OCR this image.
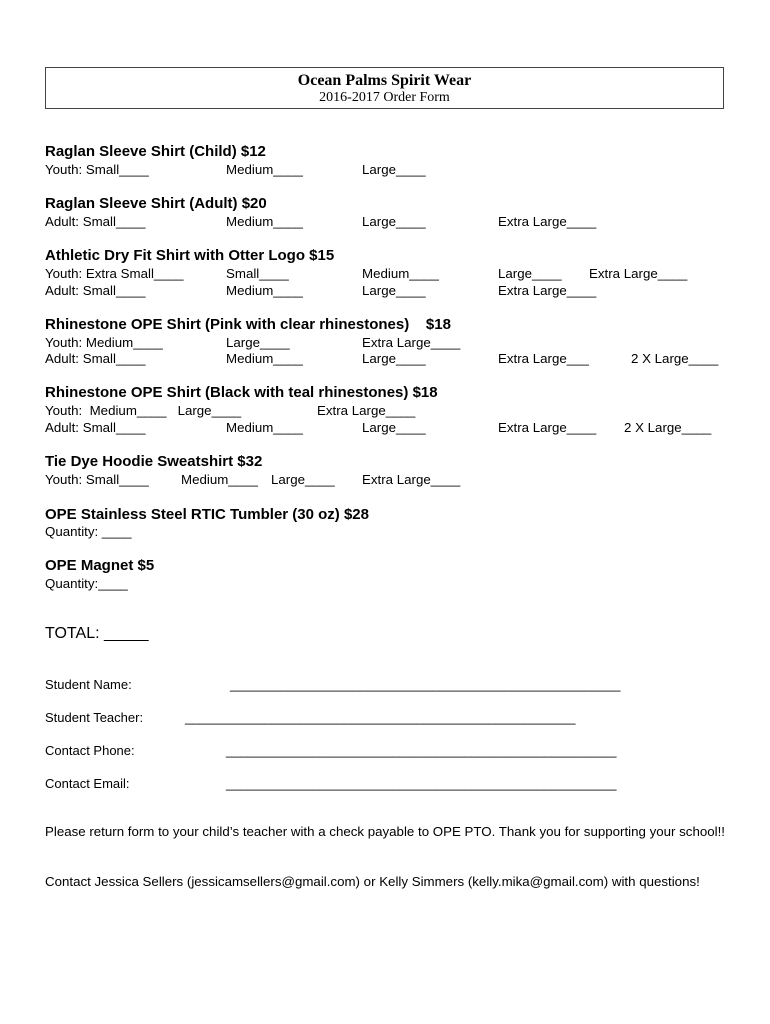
Ocean Palms Spirit Wear
2016-2017 Order Form
Raglan Sleeve Shirt (Child) $12
Youth: Small____	Medium____	Large____
Raglan Sleeve Shirt (Adult) $20
Adult: Small____	Medium____	Large____	Extra Large____
Athletic Dry Fit Shirt with Otter Logo $15
Youth: Extra Small____	Small____	Medium____	Large____ Extra Large____
Adult: Small____	Medium____	Large____	Extra Large____
Rhinestone OPE Shirt (Pink with clear rhinestones)    $18
Youth: Medium____	Large____	Extra Large____
Adult: Small____	Medium____	Large____	Extra Large___	2 X Large____
Rhinestone OPE Shirt (Black with teal rhinestones) $18
Youth:  Medium____   Large____	Extra Large____
Adult: Small____	Medium____	Large____	Extra Large____ 2 X Large____
Tie Dye Hoodie Sweatshirt $32
Youth: Small____ Medium____ Large____ Extra Large____
OPE Stainless Steel RTIC Tumbler (30 oz) $28
Quantity: ____
OPE Magnet $5
Quantity:____
TOTAL: _____
Student Name:	______________________________________________________
Student Teacher:	______________________________________________________
Contact Phone:	______________________________________________________
Contact Email:	______________________________________________________
Please return form to your child’s teacher with a check payable to OPE PTO. Thank you for supporting your school!!
Contact Jessica Sellers (jessicamsellers@gmail.com) or Kelly Simmers (kelly.mika@gmail.com) with questions!
